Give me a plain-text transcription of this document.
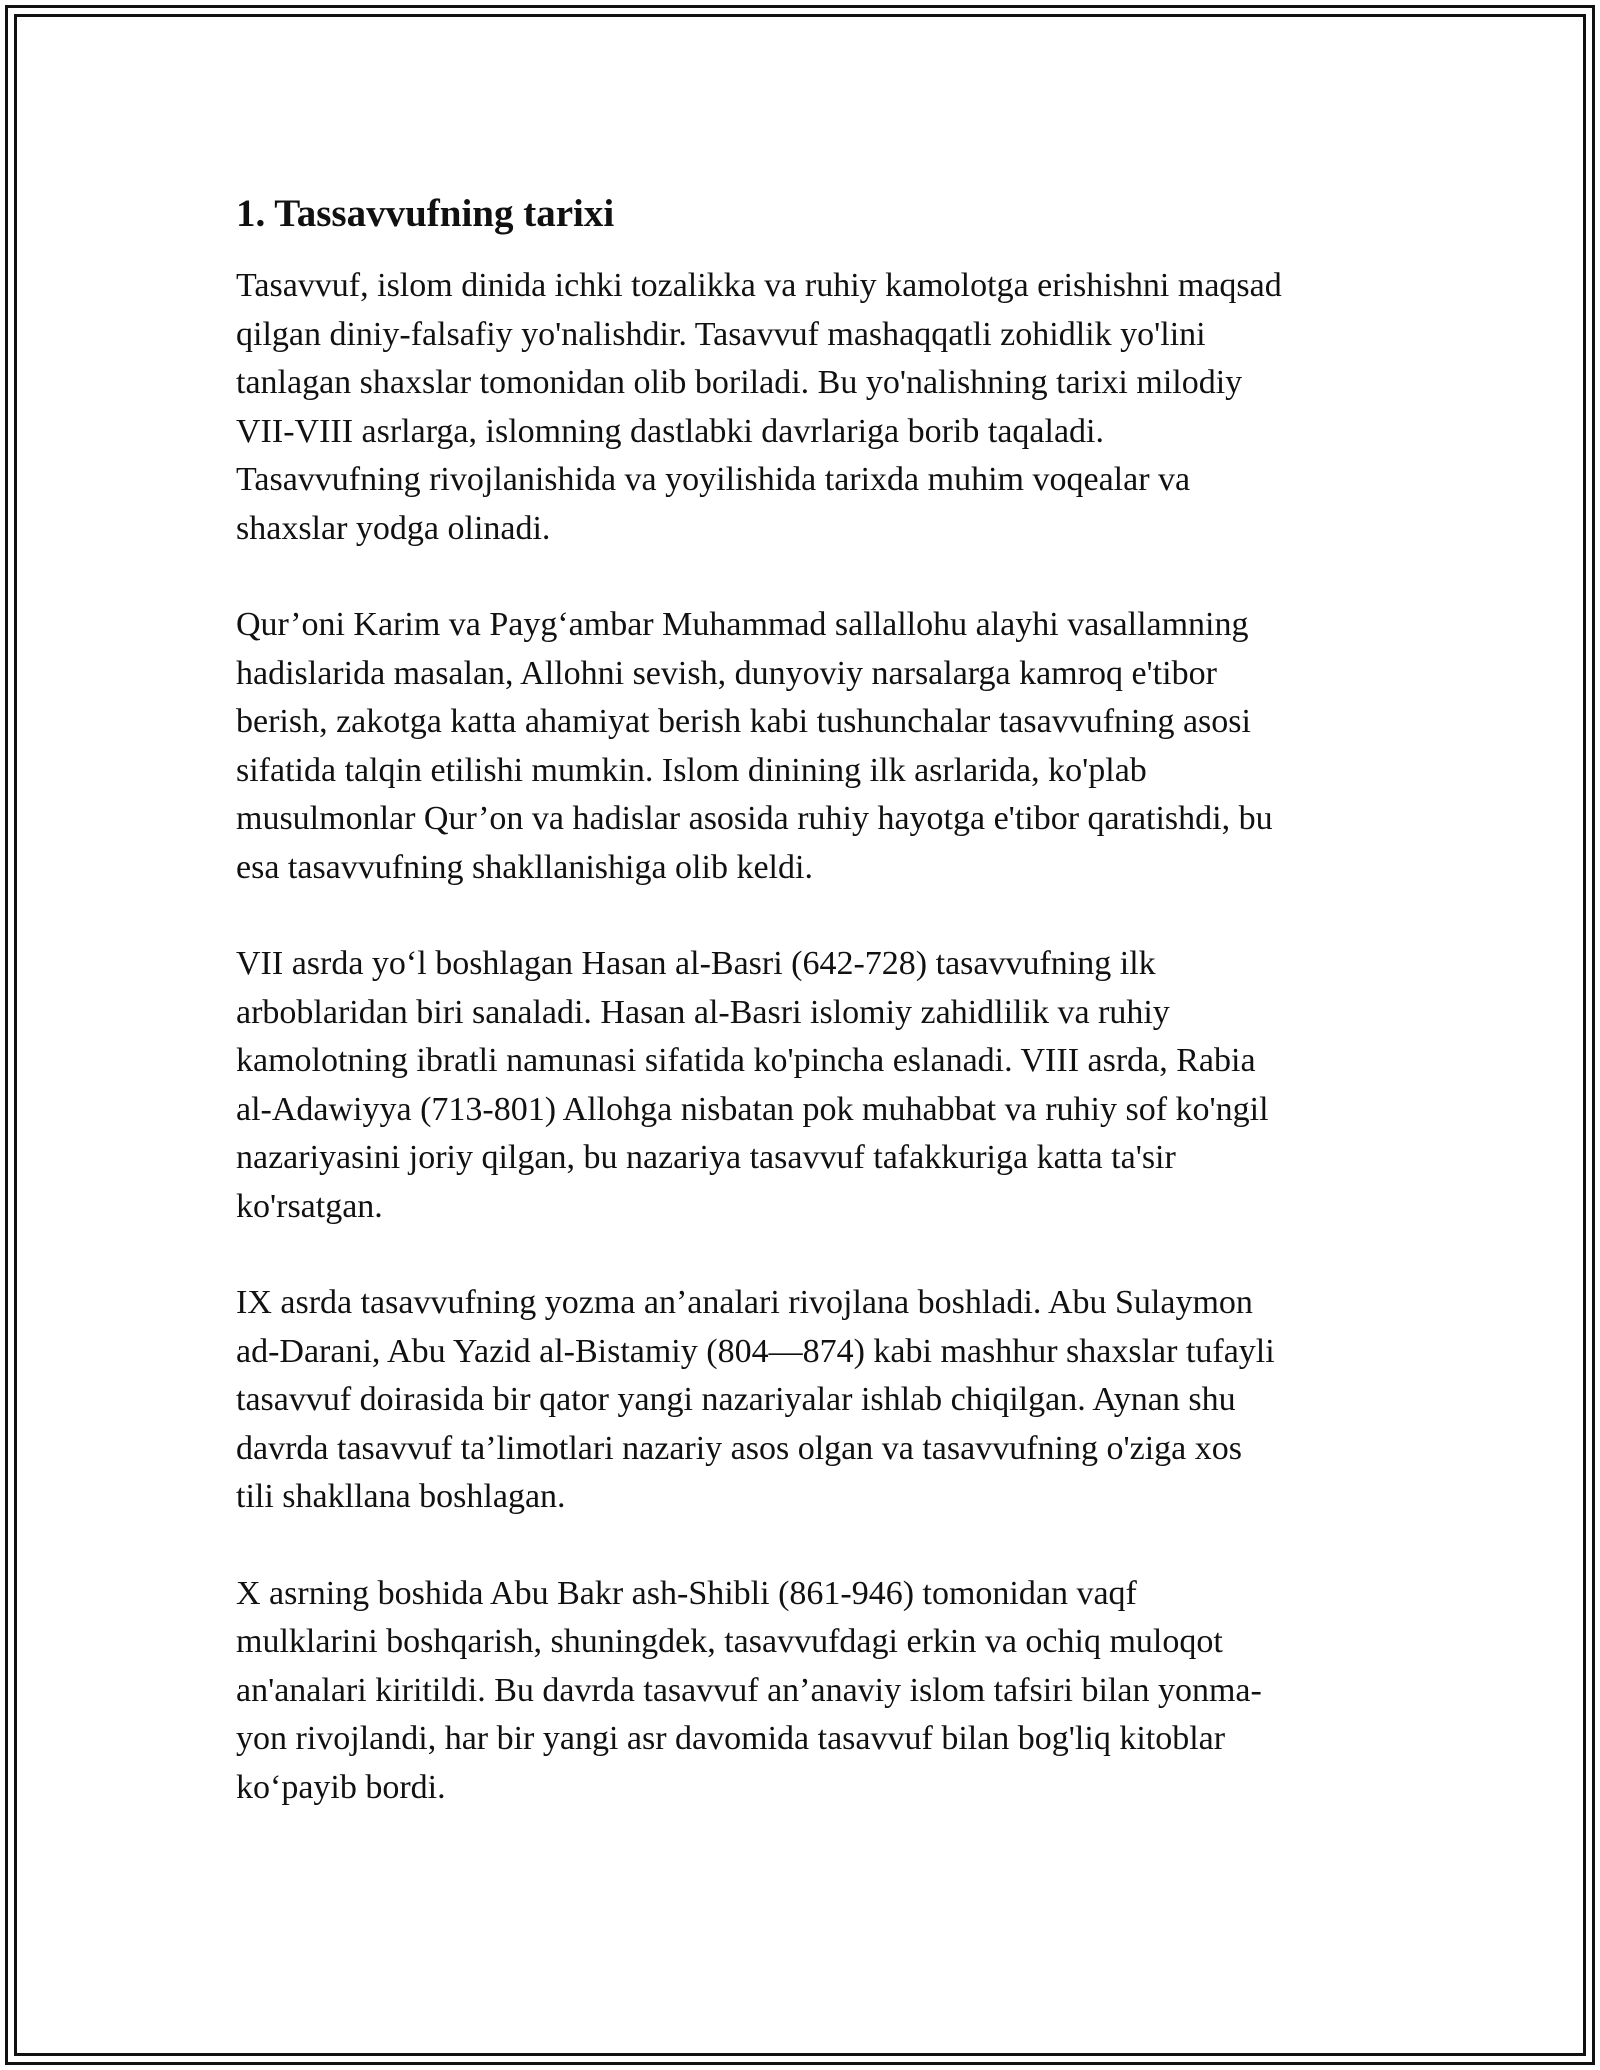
1. Tassavvufning tarixi

Tasavvuf, islom dinida ichki tozalikka va ruhiy kamolotga erishishni maqsad
qilgan diniy-falsafiy yo'nalishdir. Tasavvuf mashaqqatli zohidlik yo'lini
tanlagan shaxslar tomonidan olib boriladi. Bu yo'nalishning tarixi milodiy
VII-VIII asrlarga, islomning dastlabki davrlariga borib taqaladi.
Tasavvufning rivojlanishida va yoyilishida tarixda muhim voqealar va
shaxslar yodga olinadi.

Qur’oni Karim va Payg‘ambar Muhammad sallallohu alayhi vasallamning
hadislarida masalan, Allohni sevish, dunyoviy narsalarga kamroq e'tibor
berish, zakotga katta ahamiyat berish kabi tushunchalar tasavvufning asosi
sifatida talqin etilishi mumkin. Islom dinining ilk asrlarida, ko'plab
musulmonlar Qur’on va hadislar asosida ruhiy hayotga e'tibor qaratishdi, bu
esa tasavvufning shakllanishiga olib keldi.

VII asrda yo‘l boshlagan Hasan al-Basri (642-728) tasavvufning ilk
arboblaridan biri sanaladi. Hasan al-Basri islomiy zahidlilik va ruhiy
kamolotning ibratli namunasi sifatida ko'pincha eslanadi. VIII asrda, Rabia
al-Adawiyya (713-801) Allohga nisbatan pok muhabbat va ruhiy sof ko'ngil
nazariyasini joriy qilgan, bu nazariya tasavvuf tafakkuriga katta ta'sir
ko'rsatgan.

IX asrda tasavvufning yozma an’analari rivojlana boshladi. Abu Sulaymon
ad-Darani, Abu Yazid al-Bistamiy (804—874) kabi mashhur shaxslar tufayli
tasavvuf doirasida bir qator yangi nazariyalar ishlab chiqilgan. Aynan shu
davrda tasavvuf ta’limotlari nazariy asos olgan va tasavvufning o'ziga xos
tili shakllana boshlagan.

X asrning boshida Abu Bakr ash-Shibli (861-946) tomonidan vaqf
mulklarini boshqarish, shuningdek, tasavvufdagi erkin va ochiq muloqot
an'analari kiritildi. Bu davrda tasavvuf an’anaviy islom tafsiri bilan yonma-
yon rivojlandi, har bir yangi asr davomida tasavvuf bilan bog'liq kitoblar
ko‘payib bordi.
